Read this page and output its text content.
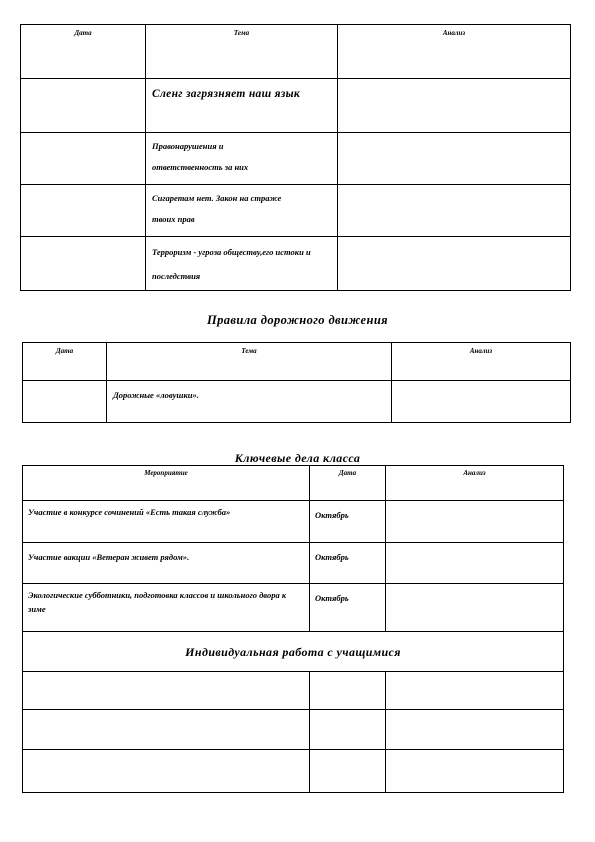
Дата	Тема	Анализ
	Сленг загрязняет наш язык	

	Правонарушения и ответственность за них	

	Сигаретам нет. Закон на страже твоих прав	

	Терроризм - угроза обществу,его истоки и последствия	

Правила дорожного движения
Дата	Тема	Анализ
	Дорожные «ловушки».	
Ключевые дела класса
Мероприятие	Дата	Анализ

Участие в конкурсе сочинений «Есть такая служба»	Октябрь	
Участие вакции «Ветеран живет рядом».	Октябрь	

Экологические субботники, подготовка классов и школьного двора к зиме	Октябрь	
Индивидуальная работа с учащимися		
